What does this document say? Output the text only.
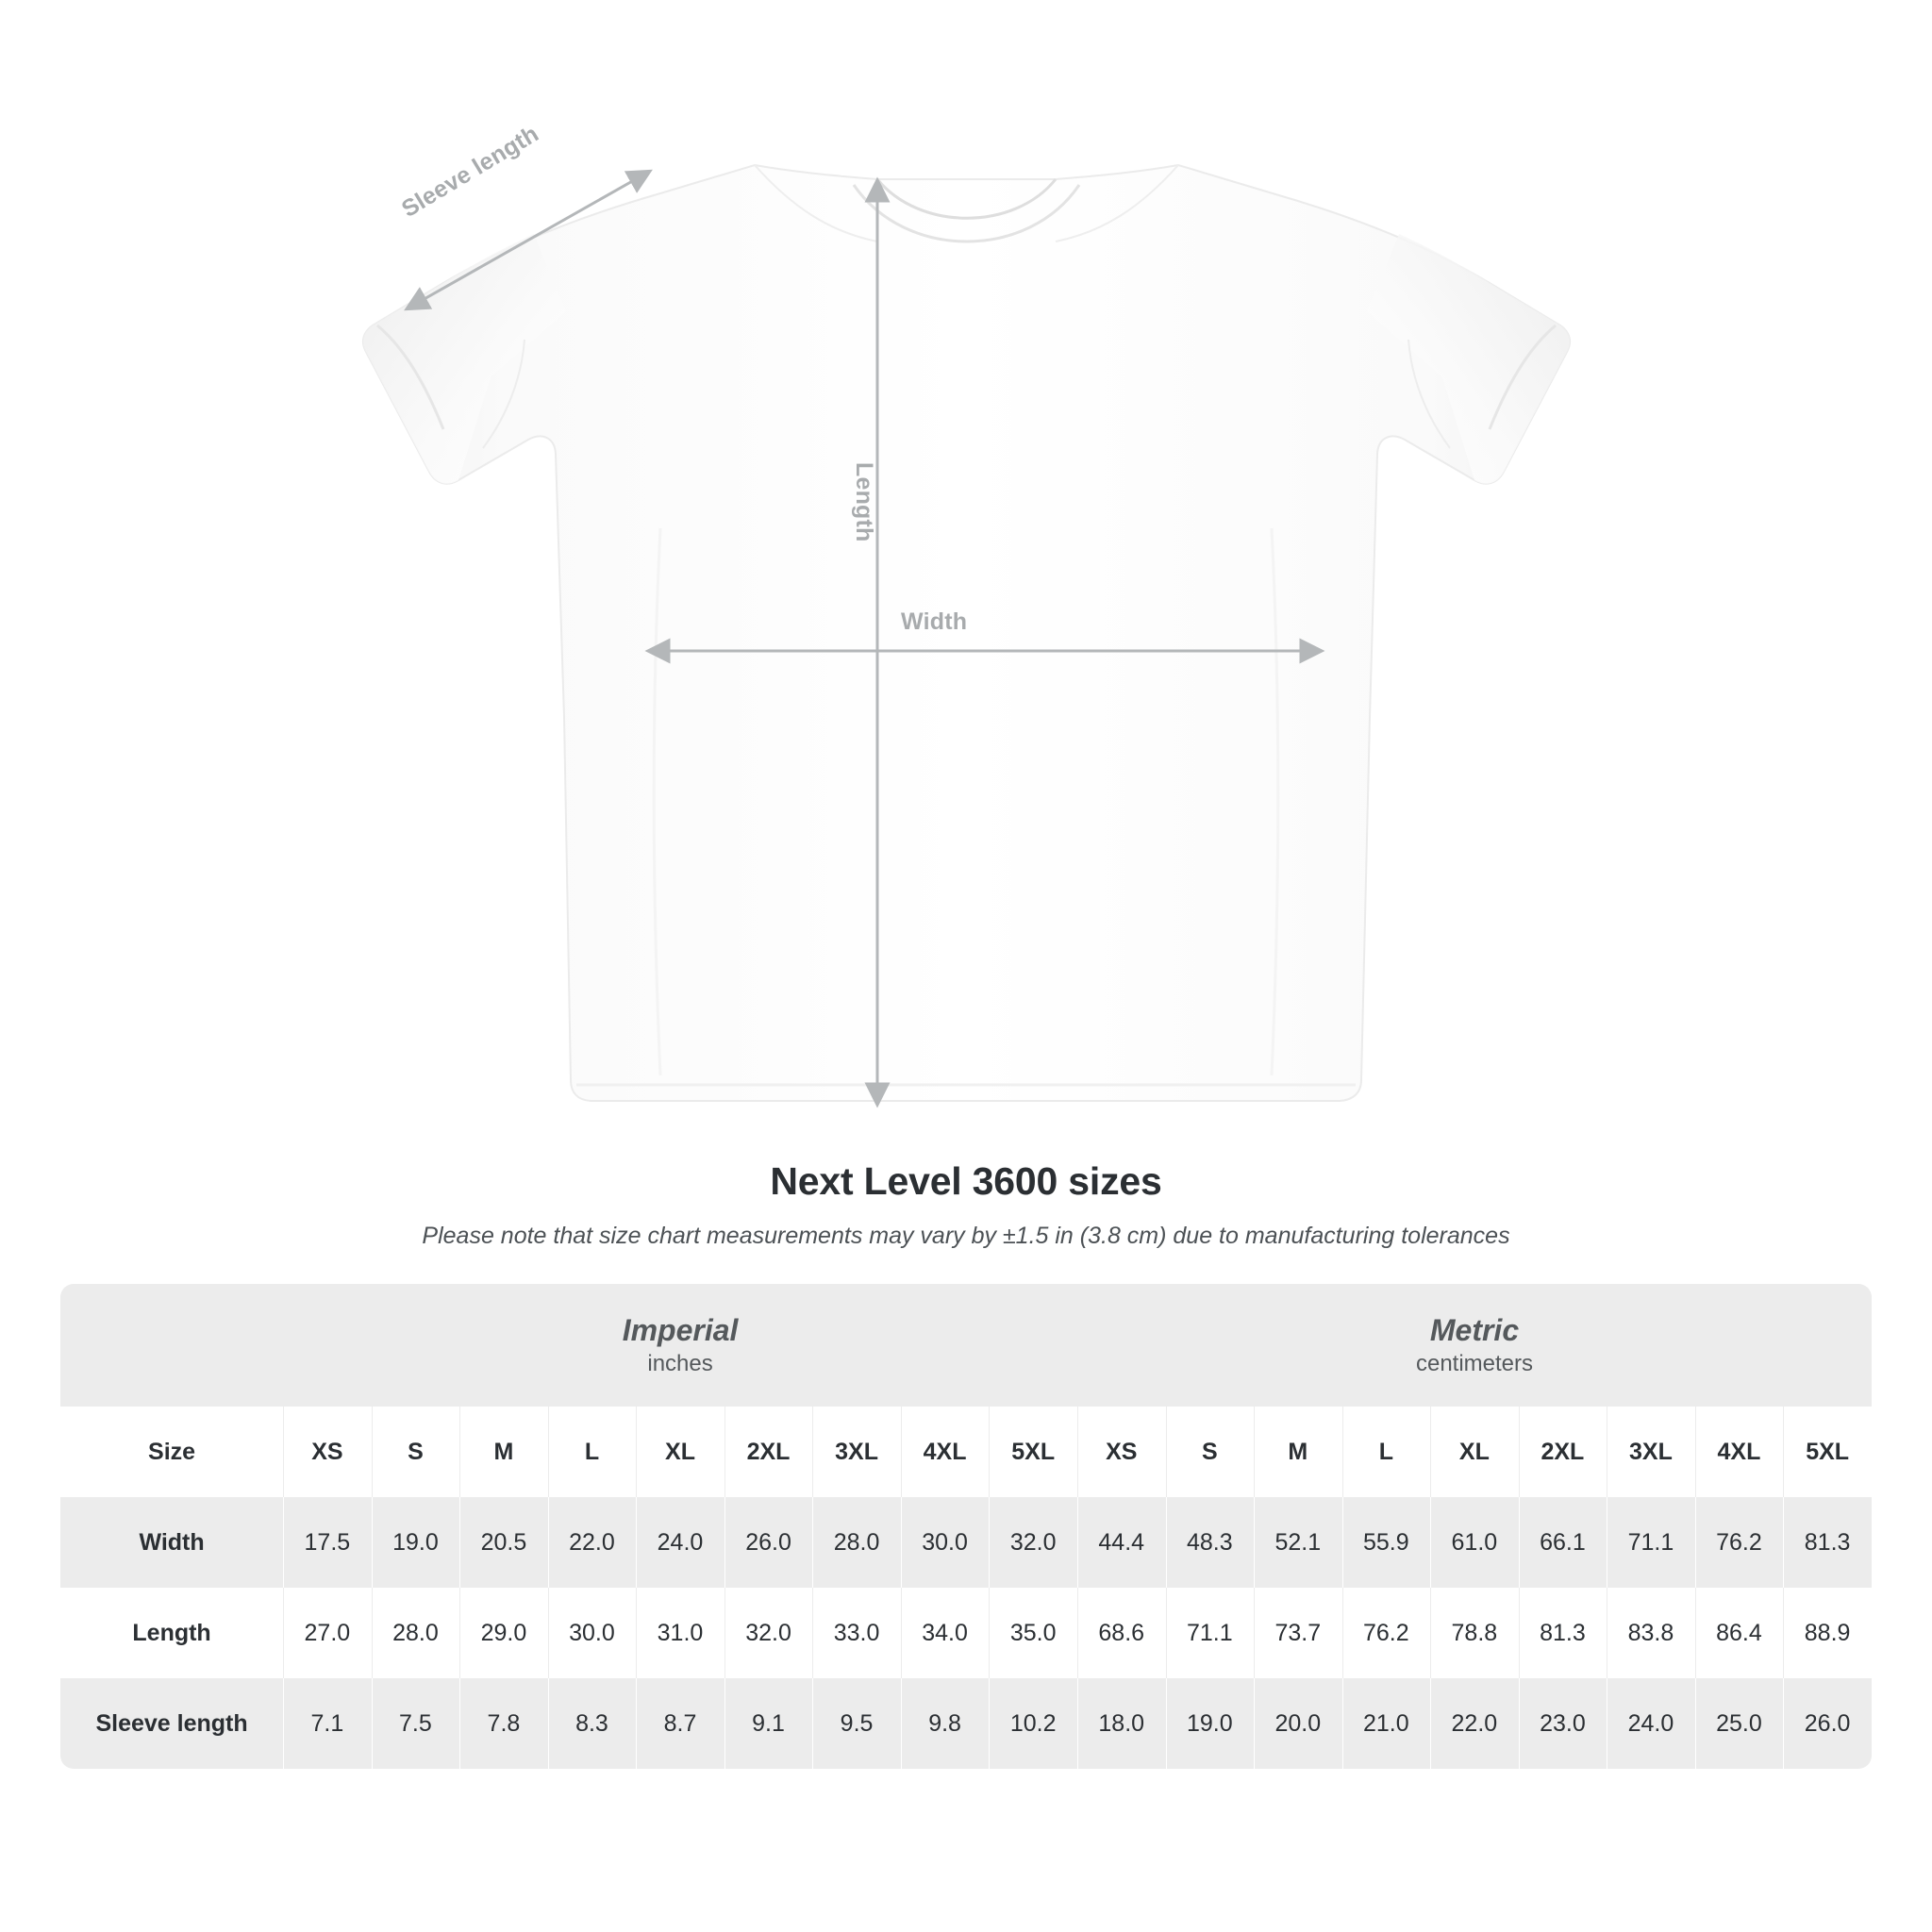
Sleeve length
Length
Width
Next Level 3600 sizes
Please note that size chart measurements may vary by ±1.5 in (3.8 cm) due to manufacturing tolerances

Imperial
inches

Metric
centimeters

Size	XS	S	M	L	XL	2XL	3XL	4XL	5XL	XS	S	M	L	XL	2XL	3XL	4XL	5XL
Width	17.5	19.0	20.5	22.0	24.0	26.0	28.0	30.0	32.0	44.4	48.3	52.1	55.9	61.0	66.1	71.1	76.2	81.3
Length	27.0	28.0	29.0	30.0	31.0	32.0	33.0	34.0	35.0	68.6	71.1	73.7	76.2	78.8	81.3	83.8	86.4	88.9
Sleeve length	7.1	7.5	7.8	8.3	8.7	9.1	9.5	9.8	10.2	18.0	19.0	20.0	21.0	22.0	23.0	24.0	25.0	26.0
